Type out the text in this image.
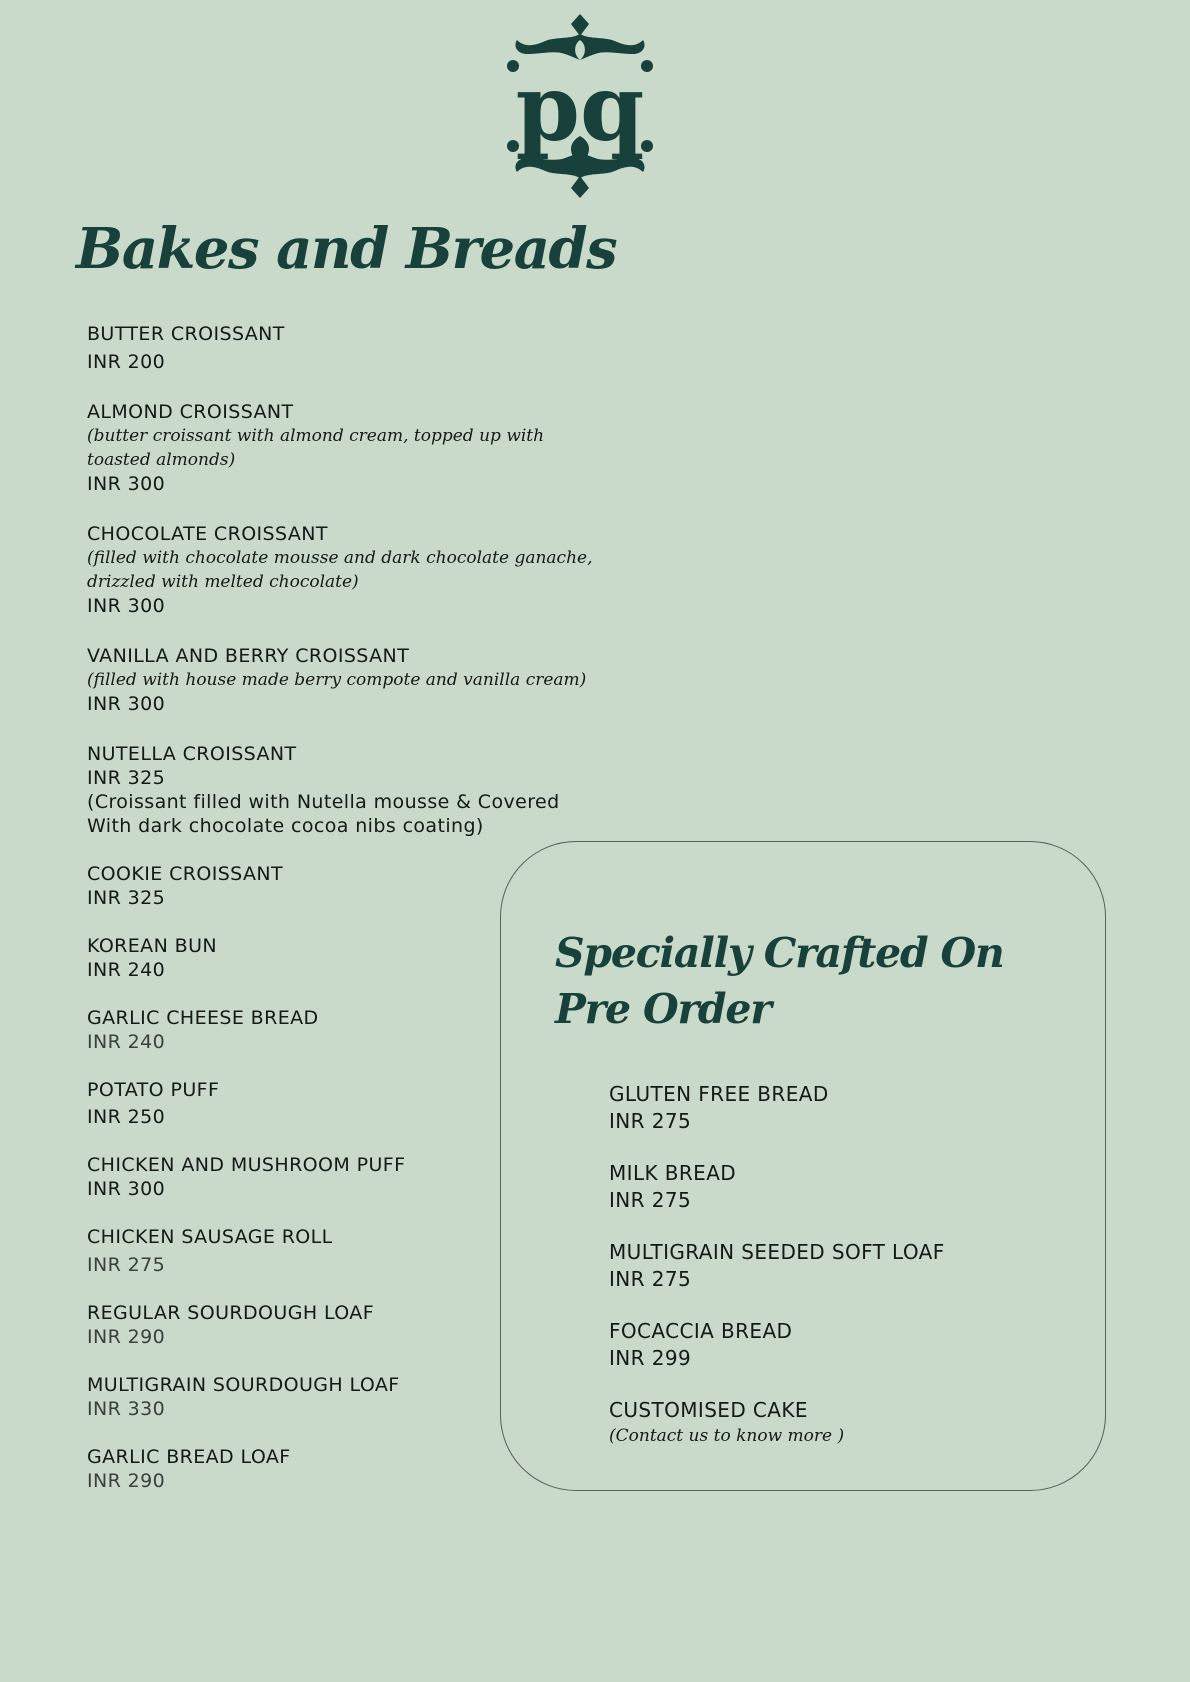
pq
Bakes and Breads
BUTTER CROISSANT
INR 200
ALMOND CROISSANT
(butter croissant with almond cream, topped up with
toasted almonds)
INR 300
CHOCOLATE CROISSANT
(filled with chocolate mousse and dark chocolate ganache,
drizzled with melted chocolate)
INR 300
VANILLA AND BERRY CROISSANT
(filled with house made berry compote and vanilla cream)
INR 300
NUTELLA CROISSANT
INR 325
(Croissant filled with Nutella mousse & Covered
With dark chocolate cocoa nibs coating)
COOKIE CROISSANT
INR 325
KOREAN BUN
INR 240
GARLIC CHEESE BREAD
INR 240
POTATO PUFF
INR 250
CHICKEN AND MUSHROOM PUFF
INR 300
CHICKEN SAUSAGE ROLL
INR 275
REGULAR SOURDOUGH LOAF
INR 290
MULTIGRAIN SOURDOUGH LOAF
INR 330
GARLIC BREAD LOAF
INR 290
Specially Crafted On
Pre Order
GLUTEN FREE BREAD
INR 275
MILK BREAD
INR 275
MULTIGRAIN SEEDED SOFT LOAF
INR 275
FOCACCIA BREAD
INR 299
CUSTOMISED CAKE
(Contact us to know more )
